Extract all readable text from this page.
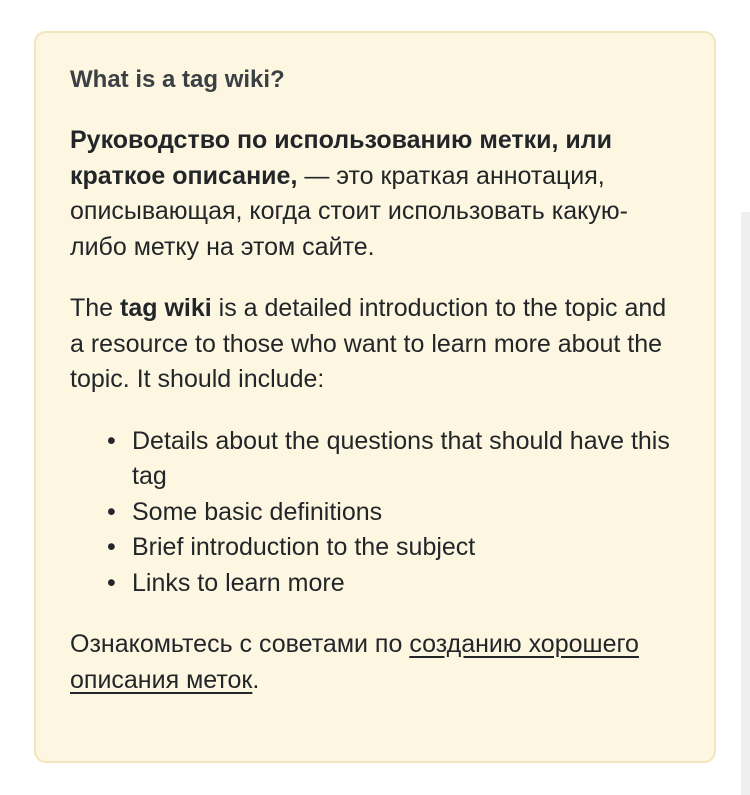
What is a tag wiki?

Руководство по использованию метки, или краткое описание, — это краткая аннотация, описывающая, когда стоит использовать какую-либо метку на этом сайте.

The tag wiki is a detailed introduction to the topic and a resource to those who want to learn more about the topic. It should include:

• Details about the questions that should have this tag
• Some basic definitions
• Brief introduction to the subject
• Links to learn more

Ознакомьтесь с советами по созданию хорошего описания меток.
